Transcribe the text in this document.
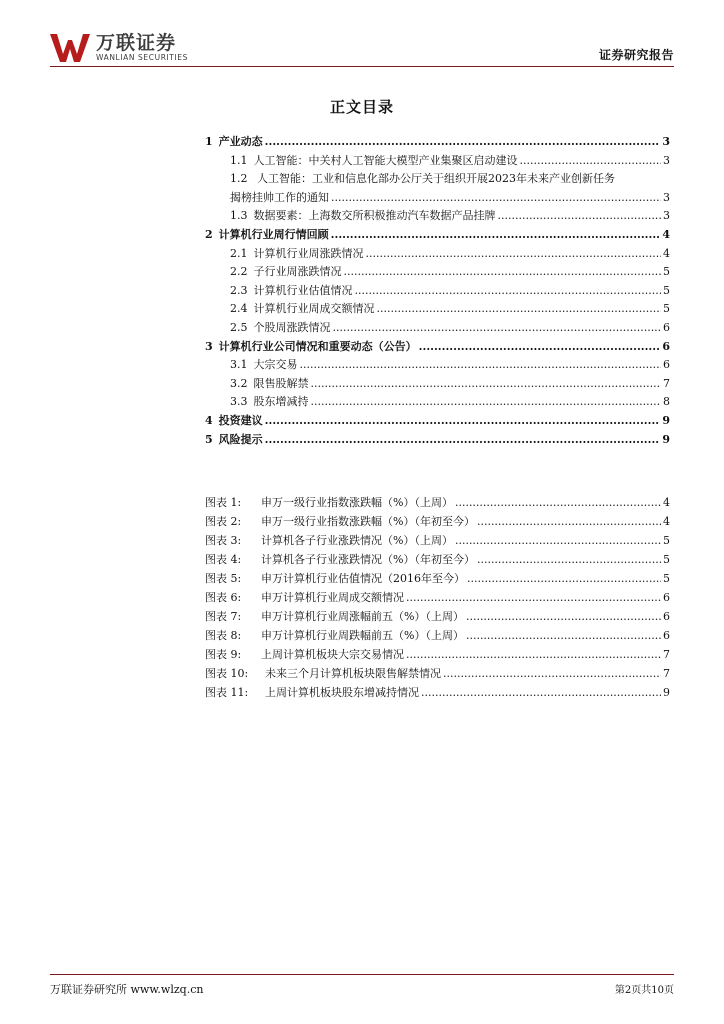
万联证券
WANLIAN SECURITIES	证券研究报告
正文目录
1 产业动态 .....	3
1.1 人工智能：中关村人工智能大模型产业集聚区启动建设 .....	3
1.2 人工智能：工业和信息化部办公厅关于组织开展2023年未来产业创新任务
揭榜挂帅工作的通知 .....	3
1.3 数据要素：上海数交所积极推动汽车数据产品挂牌 .....	3
2 计算机行业周行情回顾 .....	4
2.1 计算机行业周涨跌情况 .....	4
2.2 子行业周涨跌情况 .....	5
2.3 计算机行业估值情况 .....	5
2.4 计算机行业周成交额情况 .....	5
2.5 个股周涨跌情况 .....	6
3 计算机行业公司情况和重要动态（公告） .....	6
3.1 大宗交易 .....	6
3.2 限售股解禁 .....	7
3.3 股东增减持 .....	8
4 投资建议 .....	9
5 风险提示 .....	9
图表 1:	申万一级行业指数涨跌幅（%）（上周） .....	4
图表 2:	申万一级行业指数涨跌幅（%）（年初至今） .....	4
图表 3:	计算机各子行业涨跌情况（%）（上周） .....	5
图表 4:	计算机各子行业涨跌情况（%）（年初至今） .....	5
图表 5:	申万计算机行业估值情况（2016年至今） .....	5
图表 6:	申万计算机行业周成交额情况 .....	6
图表 7:	申万计算机行业周涨幅前五（%）（上周） .....	6
图表 8:	申万计算机行业周跌幅前五（%）（上周） .....	6
图表 9:	上周计算机板块大宗交易情况 .....	7
图表 10:	未来三个月计算机板块限售解禁情况 .....	7
图表 11:	上周计算机板块股东增减持情况 .....	9
万联证券研究所 www.wlzq.cn	第2页共10页
